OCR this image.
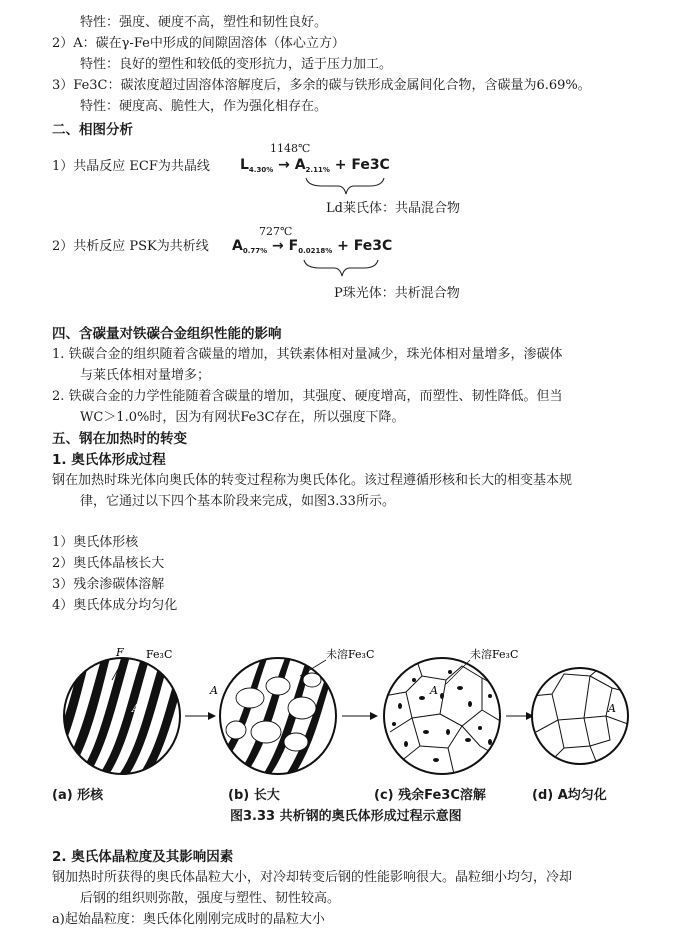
特性：强度、硬度不高，塑性和韧性良好。
2）A：碳在γ-Fe中形成的间隙固溶体（体心立方）
特性：良好的塑性和较低的变形抗力，适于压力加工。
3）Fe3C：碳浓度超过固溶体溶解度后，多余的碳与铁形成金属间化合物，含碳量为6.69%。
特性：硬度高、脆性大，作为强化相存在。
二、相图分析
1）共晶反应 ECF为共晶线
1148℃
$L_{4.30\%} \to A_{2.11\%} + Fe3C$
Ld莱氏体：共晶混合物
2）共析反应 PSK为共析线
727℃
$A_{0.77\%} \to F_{0.0218\%} + Fe3C$
P珠光体：共析混合物
四、含碳量对铁碳合金组织性能的影响
1. 铁碳合金的组织随着含碳量的增加，其铁素体相对量减少，珠光体相对量增多，渗碳体
与莱氏体相对量增多；
2. 铁碳合金的力学性能随着含碳量的增加，其强度、硬度增高，而塑性、韧性降低。但当
WC＞1.0%时，因为有网状Fe3C存在，所以强度下降。
五、钢在加热时的转变
1. 奥氏体形成过程
钢在加热时珠光体向奥氏体的转变过程称为奥氏体化。该过程遵循形核和长大的相变基本规
律，它通过以下四个基本阶段来完成，如图3.33所示。
1）奥氏体形核
2）奥氏体晶核长大
3）残余渗碳体溶解
4）奥氏体成分均匀化
F Fe₃C
A
未溶Fe₃C
A
未溶Fe₃C
A
A
(a) 形核	(b) 长大	(c) 残余Fe3C溶解	(d) A均匀化
图3.33 共析钢的奥氏体形成过程示意图
2. 奥氏体晶粒度及其影响因素
钢加热时所获得的奥氏体晶粒大小，对冷却转变后钢的性能影响很大。晶粒细小均匀，冷却
后钢的组织则弥散，强度与塑性、韧性较高。
a)起始晶粒度：奥氏体化刚刚完成时的晶粒大小
